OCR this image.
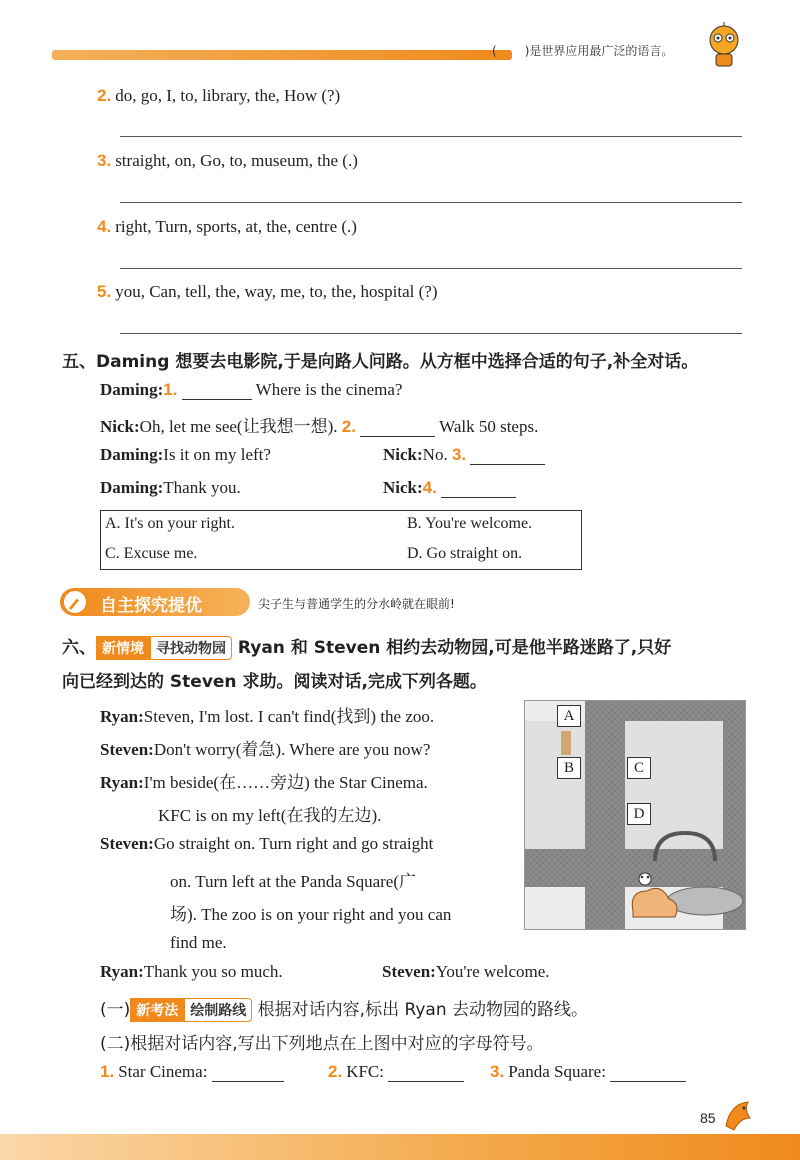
( )是世界应用最广泛的语言。
2. do, go, I, to, library, the, How (?)
3. straight, on, Go, to, museum, the (.)
4. right, Turn, sports, at, the, centre (.)
5. you, Can, tell, the, way, me, to, the, hospital (?)
五、Daming 想要去电影院,于是向路人问路。从方框中选择合适的句子,补全对话。
Daming:1.	Where is the cinema?
Nick:Oh, let me see(让我想一想). 2.	Walk 50 steps.
Daming:Is it on my left?	Nick:No. 3.
Daming:Thank you.	Nick:4.
A. It's on your right.	B. You're welcome.
C. Excuse me.	D. Go straight on.
自主探究提优	尖子生与普通学生的分水岭就在眼前!
六、 新情境 寻找动物园 Ryan 和 Steven 相约去动物园,可是他半路迷路了,只好
向已经到达的 Steven 求助。阅读对话,完成下列各题。
Ryan:Steven, I'm lost. I can't find(找到) the zoo.
Steven:Don't worry(着急). Where are you now?
Ryan:I'm beside(在……旁边) the Star Cinema.
KFC is on my left(在我的左边).
Steven:Go straight on. Turn right and go straight
on. Turn left at the Panda Square(广
场). The zoo is on your right and you can
find me.
A
B	C
D
Ryan:Thank you so much.	Steven:You're welcome.
(一) 新考法 绘制路线 根据对话内容,标出 Ryan 去动物园的路线。
(二)根据对话内容,写出下列地点在上图中对应的字母符号。
1. Star Cinema:	2. KFC:	3. Panda Square:
85
